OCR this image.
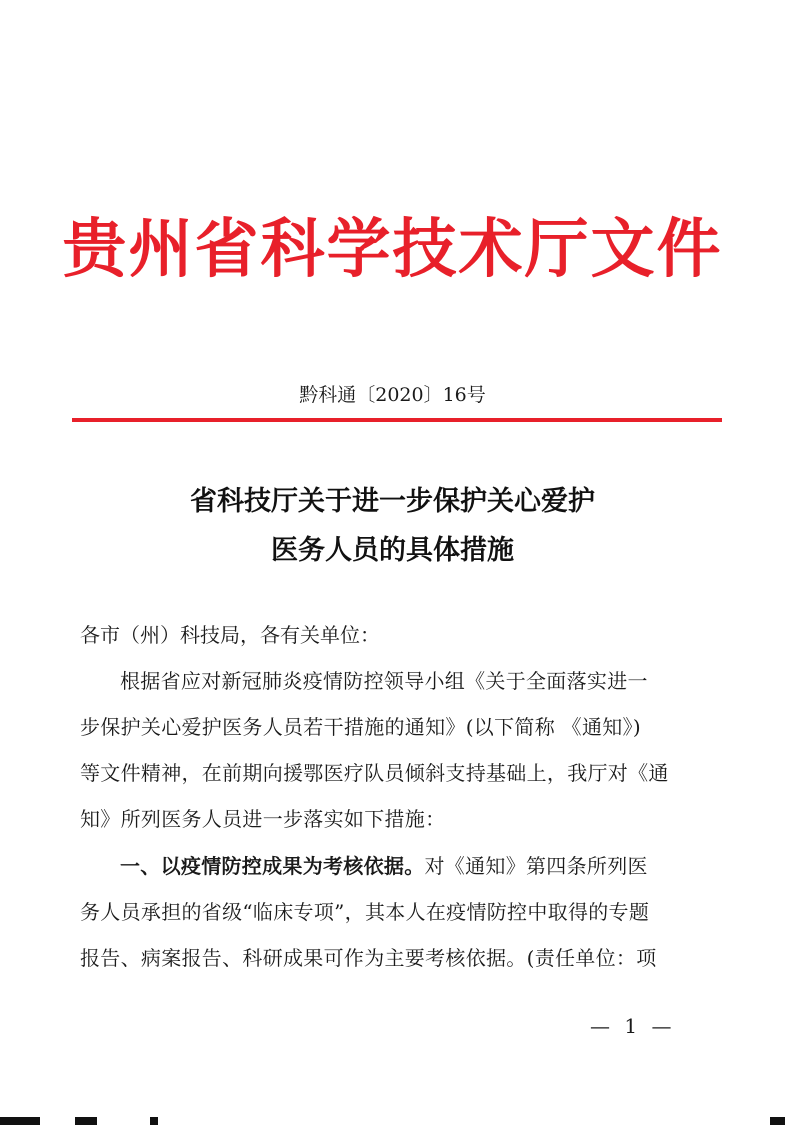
贵州省科学技术厅文件
黔科通〔2020〕16号
省科技厅关于进一步保护关心爱护
医务人员的具体措施
各市（州）科技局，各有关单位：
根据省应对新冠肺炎疫情防控领导小组《关于全面落实进一
步保护关心爱护医务人员若干措施的通知》(以下简称 《通知》)
等文件精神，在前期向援鄂医疗队员倾斜支持基础上，我厅对《通
知》所列医务人员进一步落实如下措施：
一、以疫情防控成果为考核依据。对《通知》第四条所列医
务人员承担的省级“临床专项”，其本人在疫情防控中取得的专题
报告、病案报告、科研成果可作为主要考核依据。(责任单位：项
— 1 —
